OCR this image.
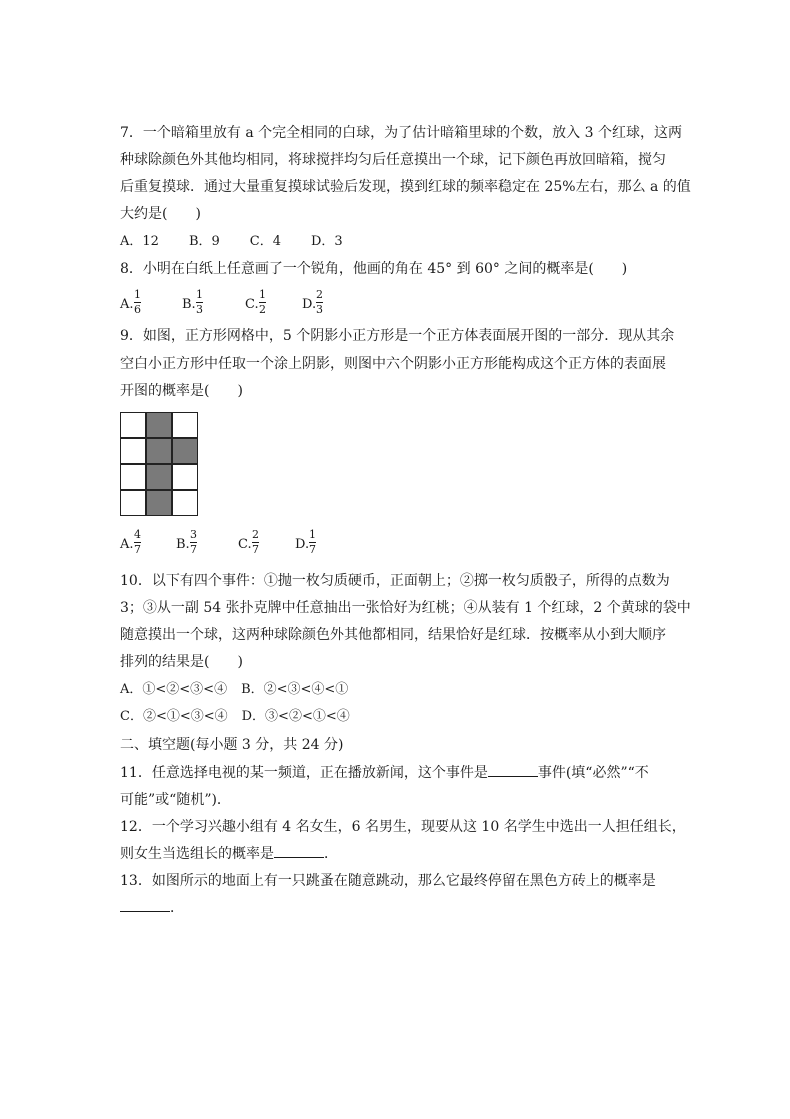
7．一个暗箱里放有 a 个完全相同的白球，为了估计暗箱里球的个数，放入 3 个红球，这两
种球除颜色外其他均相同，将球搅拌均匀后任意摸出一个球，记下颜色再放回暗箱，搅匀
后重复摸球．通过大量重复摸球试验后发现，摸到红球的频率稳定在 25%左右，那么 a 的值
大约是(　　)
A．12 B．9 C．4 D．3
8．小明在白纸上任意画了一个锐角，他画的角在 45° 到 60° 之间的概率是(　　)
A.
1
6	B.
1
3	C.
1
2	D.
2
3
9．如图，正方形网格中，5 个阴影小正方形是一个正方体表面展开图的一部分．现从其余
空白小正方形中任取一个涂上阴影，则图中六个阴影小正方形能构成这个正方体的表面展
开图的概率是(　　)
A.
4
7	B.
3
7	C.
2
7	D.
1
7
10．以下有四个事件：①抛一枚匀质硬币，正面朝上；②掷一枚匀质骰子，所得的点数为
3；③从一副 54 张扑克牌中任意抽出一张恰好为红桃；④从装有 1 个红球，2 个黄球的袋中
随意摸出一个球，这两种球除颜色外其他都相同，结果恰好是红球．按概率从小到大顺序
排列的结果是(　　)
A．①<②<③<④ B．②<③<④<①
C．②<①<③<④ D．③<②<①<④
二、填空题(每小题 3 分，共 24 分)
11．任意选择电视的某一频道，正在播放新闻，这个事件是	事件(填“必然”“不
可能”或“随机”)．
12．一个学习兴趣小组有 4 名女生，6 名男生，现要从这 10 名学生中选出一人担任组长，
则女生当选组长的概率是	．
13．如图所示的地面上有一只跳蚤在随意跳动，那么它最终停留在黑色方砖上的概率是
．
